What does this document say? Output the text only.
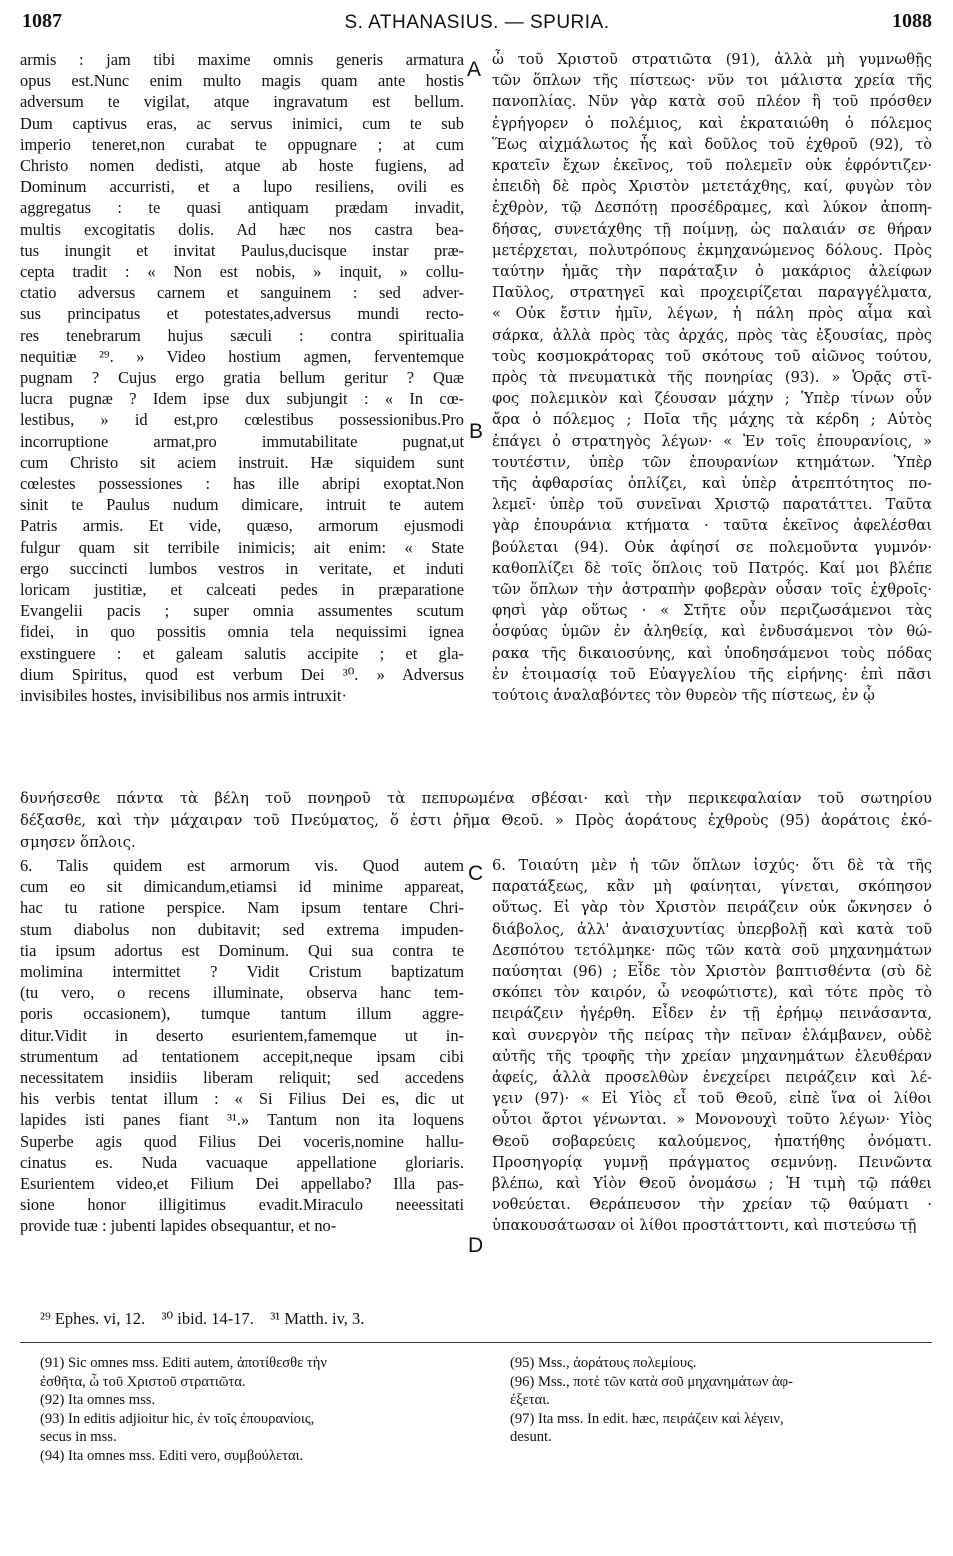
1087	S. ATHANASIUS. — SPURIA.	1088
armis : jam tibi maxime omnis generis armatura
opus est.Nunc enim multo magis quam ante hostis
adversum te vigilat, atque ingravatum est bellum.
Dum captivus eras, ac servus inimici, cum te sub
imperio teneret,non curabat te oppugnare ; at cum
Christo nomen dedisti, atque ab hoste fugiens, ad
Dominum accurristi, et a lupo resiliens, ovili es
aggregatus : te quasi antiquam prædam invadit,
multis excogitatis dolis. Ad hæc nos castra bea-
tus inungit et invitat Paulus,ducisque instar præ-
cepta tradit : « Non est nobis, » inquit, » collu-
ctatio adversus carnem et sanguinem : sed adver-
sus principatus et potestates,adversus mundi recto-
res tenebrarum hujus sæculi : contra spiritualia
nequitiæ ²⁹. » Video hostium agmen, ferventemque
pugnam ? Cujus ergo gratia bellum geritur ? Quæ
lucra pugnæ ? Idem ipse dux subjungit : « In cœ-
lestibus, » id est,pro cœlestibus possessionibus.Pro
incorruptione armat,pro immutabilitate pugnat,ut
cum Christo sit aciem instruit. Hæ siquidem sunt
cœlestes possessiones : has ille abripi exoptat.Non
sinit te Paulus nudum dimicare, intruit te autem
Patris armis. Et vide, quæso, armorum ejusmodi
fulgur quam sit terribile inimicis; ait enim: « State
ergo succincti lumbos vestros in veritate, et induti
loricam justitiæ, et calceati pedes in præparatione
Evangelii pacis ; super omnia assumentes scutum
fidei, in quo possitis omnia tela nequissimi ignea
exstinguere : et galeam salutis accipite ; et gla-
dium Spiritus, quod est verbum Dei ³⁰. » Adversus
invisibiles hostes, invisibilibus nos armis intruxit·
ὦ τοῦ Χριστοῦ στρατιῶτα (91), ἀλλὰ μὴ γυμνωθῇς
τῶν ὅπλων τῆς πίστεως· νῦν τοι μάλιστα χρεία τῆς
πανοπλίας. Νῦν γὰρ κατὰ σοῦ πλέον ἢ τοῦ πρόσθεν
ἐγρήγορεν ὁ πολέμιος, καὶ ἐκραταιώθη ὁ πόλεμος
Ἕως αἰχμάλωτος ἧς καὶ δοῦλος τοῦ ἐχθροῦ (92), τὸ
κρατεῖν ἔχων ἐκεῖνος, τοῦ πολεμεῖν οὐκ ἐφρόντιζεν·
ἐπειδὴ δὲ πρὸς Χριστὸν μετετάχθης, καί, φυγὼν τὸν
ἐχθρὸν, τῷ Δεσπότῃ προσέδραμες, καὶ λύκον ἀποπη-
δήσας, συνετάχθης τῇ ποίμνῃ, ὡς παλαιάν σε θήραν
μετέρχεται, πολυτρόπους ἐκμηχανώμενος δόλους. Πρὸς
ταύτην ἡμᾶς τὴν παράταξιν ὁ μακάριος ἀλείφων
Παῦλος, στρατηγεῖ καὶ προχειρίζεται παραγγέλματα,
« Οὐκ ἔστιν ἡμῖν, λέγων, ἡ πάλη πρὸς αἷμα καὶ
σάρκα, ἀλλὰ πρὸς τὰς ἀρχάς, πρὸς τὰς ἐξουσίας, πρὸς
τοὺς κοσμοκράτορας τοῦ σκότους τοῦ αἰῶνος τούτου,
πρὸς τὰ πνευματικὰ τῆς πονηρίας (93). » Ὁρᾷς στῖ-
φος πολεμικὸν καὶ ζέουσαν μάχην ; Ὑπὲρ τίνων οὖν
ἄρα ὁ πόλεμος ; Ποῖα τῆς μάχης τὰ κέρδη ; Αὐτὸς
ἐπάγει ὁ στρατηγὸς λέγων· « Ἐν τοῖς ἐπουρανίοις, »
τουτέστιν, ὑπὲρ τῶν ἐπουρανίων κτημάτων. Ὑπὲρ
τῆς ἀφθαρσίας ὁπλίζει, καὶ ὑπὲρ ἀτρεπτότητος πο-
λεμεῖ· ὑπὲρ τοῦ συνεῖναι Χριστῷ παρατάττει. Ταῦτα
γὰρ ἐπουράνια κτήματα · ταῦτα ἐκεῖνος ἀφελέσθαι
βούλεται (94). Οὐκ ἀφίησί σε πολεμοῦντα γυμνόν·
καθοπλίζει δὲ τοῖς ὅπλοις τοῦ Πατρός. Καί μοι βλέπε
τῶν ὅπλων τὴν ἀστραπὴν φοβερὰν οὖσαν τοῖς ἐχθροῖς·
φησὶ γὰρ οὕτως · « Στῆτε οὖν περιζωσάμενοι τὰς
ὀσφύας ὑμῶν ἐν ἀληθείᾳ, καὶ ἐνδυσάμενοι τὸν θώ-
ρακα τῆς δικαιοσύνης, καὶ ὑποδησάμενοι τοὺς πόδας
ἐν ἑτοιμασίᾳ τοῦ Εὐαγγελίου τῆς εἰρήνης· ἐπὶ πᾶσι
τούτοις ἀναλαβόντες τὸν θυρεὸν τῆς πίστεως, ἐν ᾧ
A
B
C
D
δυνήσεσθε πάντα τὰ βέλη τοῦ πονηροῦ τὰ πεπυρωμένα σβέσαι· καὶ τὴν περικεφαλαίαν τοῦ σωτηρίου
δέξασθε, καὶ τὴν μάχαιραν τοῦ Πνεύματος, ὅ ἐστι ῥῆμα Θεοῦ. » Πρὸς ἀοράτους ἐχθροὺς (95) ἀοράτοις ἐκό-
σμησεν ὅπλοις.
6. Talis quidem est armorum vis. Quod autem
cum eo sit dimicandum,etiamsi id minime appareat,
hac tu ratione perspice. Nam ipsum tentare Chri-
stum diabolus non dubitavit; sed extrema impuden-
tia ipsum adortus est Dominum. Qui sua contra te
molimina intermittet ? Vidit Cristum baptizatum
(tu vero, o recens illuminate, observa hanc tem-
poris occasionem), tumque tantum illum aggre-
ditur.Vidit in deserto esurientem,famemque ut in-
strumentum ad tentationem accepit,neque ipsam cibi
necessitatem insidiis liberam reliquit; sed accedens
his verbis tentat illum : « Si Filius Dei es, dic ut
lapides isti panes fiant ³¹.» Tantum non ita loquens
Superbe agis quod Filius Dei voceris,nomine hallu-
cinatus es. Nuda vacuaque appellatione gloriaris.
Esurientem video,et Filium Dei appellabo? Illa pas-
sione honor illigitimus evadit.Miraculo neeessitati
provide tuæ : jubenti lapides obsequantur, et no-
6. Τοιαύτη μὲν ἡ τῶν ὅπλων ἰσχύς· ὅτι δὲ τὰ τῆς
παρατάξεως, κἂν μὴ φαίνηται, γίνεται, σκόπησον
οὕτως. Εἰ γὰρ τὸν Χριστὸν πειράζειν οὐκ ὤκνησεν ὁ
διάβολος, ἀλλ' ἀναισχυντίας ὑπερβολῇ καὶ κατὰ τοῦ
Δεσπότου τετόλμηκε· πῶς τῶν κατὰ σοῦ μηχανημάτων
παύσηται (96) ; Εἶδε τὸν Χριστὸν βαπτισθέντα (σὺ δὲ
σκόπει τὸν καιρόν, ὦ νεοφώτιστε), καὶ τότε πρὸς τὸ
πειράζειν ἠγέρθη. Εἶδεν ἐν τῇ ἐρήμῳ πεινάσαντα,
καὶ συνεργὸν τῆς πείρας τὴν πεῖναν ἐλάμβανεν, οὐδὲ
αὐτῆς τῆς τροφῆς τὴν χρείαν μηχανημάτων ἐλευθέραν
ἀφείς, ἀλλὰ προσελθὼν ἐνεχείρει πειράζειν καὶ λέ-
γειν (97)· « Εἰ Υἱὸς εἶ τοῦ Θεοῦ, εἰπὲ ἵνα οἱ λίθοι
οὗτοι ἄρτοι γένωνται. » Μονονουχὶ τοῦτο λέγων· Υἱὸς
Θεοῦ σοβαρεύεις καλούμενος, ἠπατήθης ὀνόματι.
Προσηγορίᾳ γυμνῇ πράγματος σεμνύνῃ. Πεινῶντα
βλέπω, καὶ Υἱὸν Θεοῦ ὀνομάσω ; Ἡ τιμὴ τῷ πάθει
νοθεύεται. Θεράπευσον τὴν χρείαν τῷ θαύματι ·
ὑπακουσάτωσαν οἱ λίθοι προστάττοντι, καὶ πιστεύσω τῇ
²⁹ Ephes. vi, 12.    ³⁰ ibid. 14-17.    ³¹ Matth. iv, 3.
(91) Sic omnes mss. Editi autem, ἀποτίθεσθε τὴν
ἐσθῆτα, ὦ τοῦ Χριστοῦ στρατιῶτα.
(92) Ita omnes mss.
(93) In editis adjioitur hic, ἐν τοῖς ἐπουρανίοις,
secus in mss.
(94) Ita omnes mss. Editi vero, συμβούλεται.
(95) Mss., ἀοράτους πολεμίους.
(96) Mss., ποτὲ τῶν κατὰ σοῦ μηχανημάτων ἀφ-
έξεται.
(97) Ita mss. In edit. hæc, πειράζειν καὶ λέγειν,
desunt.
